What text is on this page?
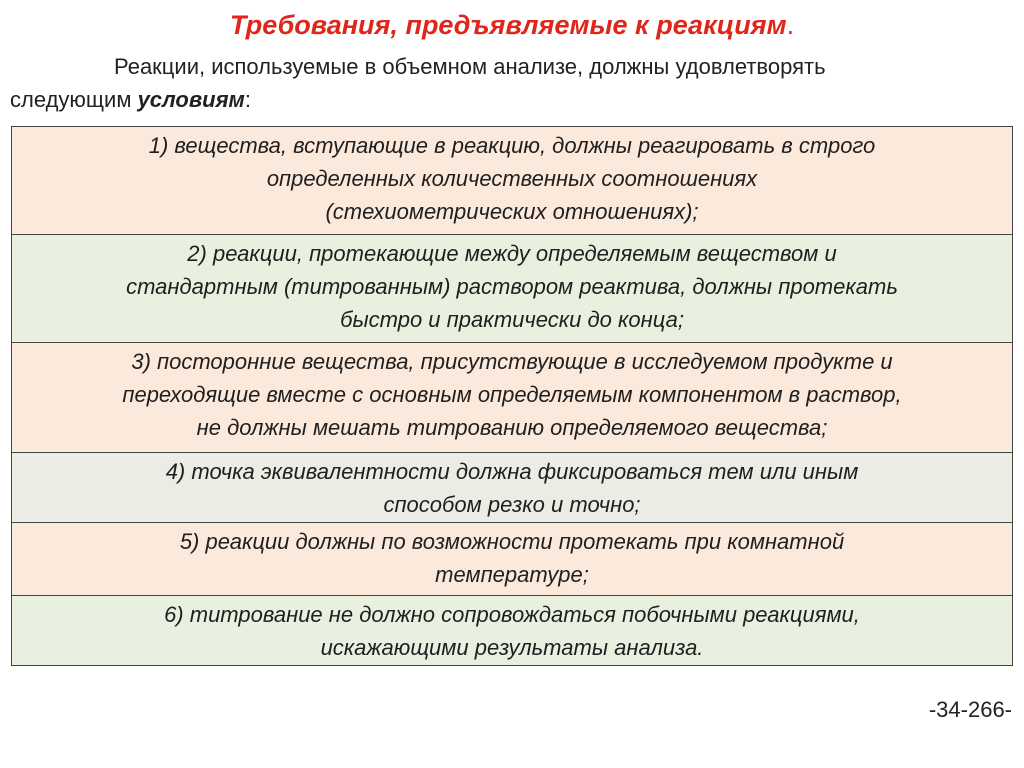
Требования, предъявляемые к реакциям.
Реакции, используемые в объемном анализе, должны удовлетворять
следующим условиям:
1) вещества, вступающие в реакцию, должны реагировать в строго
определенных количественных соотношениях
(стехиометрических отношениях);
2) реакции, протекающие между определяемым веществом и
стандартным (титрованным) раствором реактива, должны протекать
быстро и практически до конца;
3) посторонние вещества, присутствующие в исследуемом продукте и
переходящие вместе с основным определяемым компонентом в раствор,
не должны мешать титрованию определяемого вещества;
4) точка эквивалентности должна фиксироваться тем или иным
способом резко и точно;
5) реакции должны по возможности протекать при комнатной
температуре;
6) титрование не должно сопровождаться побочными реакциями,
искажающими результаты анализа.
-34-266-
